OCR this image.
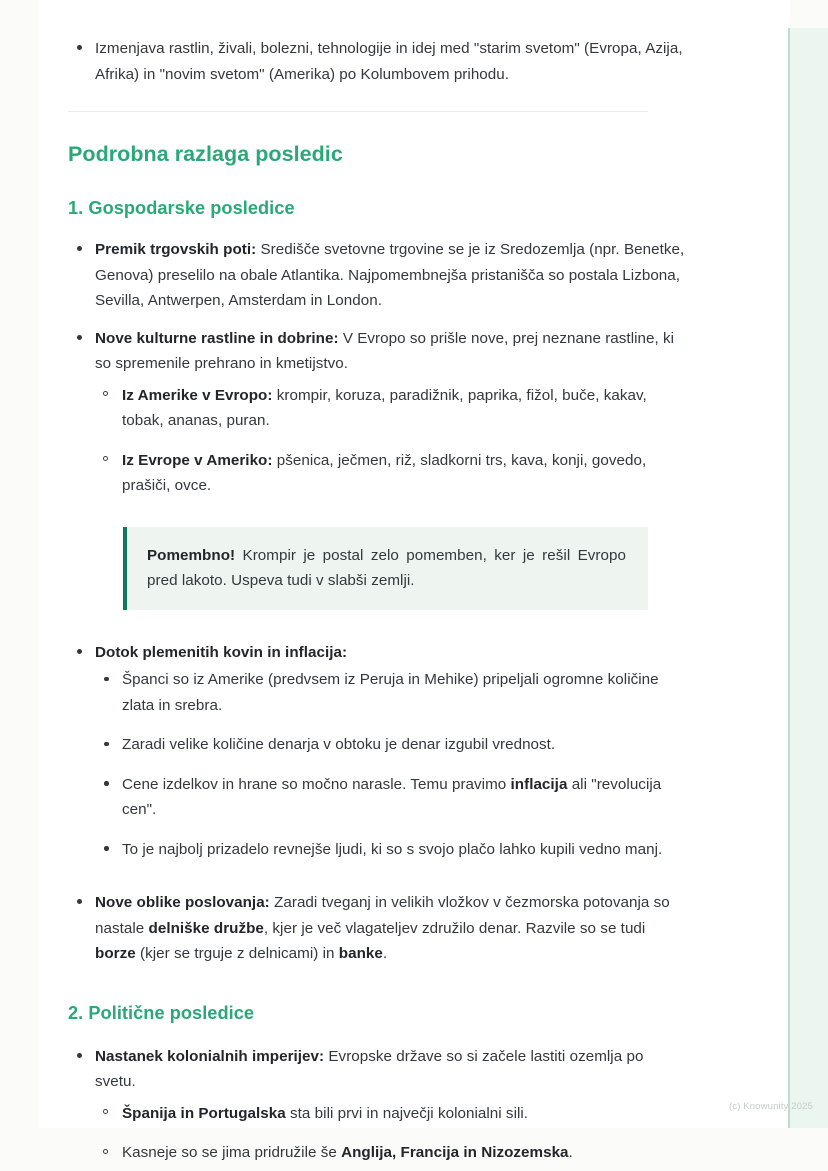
Izmenjava rastlin, živali, bolezni, tehnologije in idej med "starim svetom" (Evropa, Azija, Afrika) in "novim svetom" (Amerika) po Kolumbovem prihodu.
Podrobna razlaga posledic
1. Gospodarske posledice
Premik trgovskih poti: Središče svetovne trgovine se je iz Sredozemlja (npr. Benetke, Genova) preselilo na obale Atlantika. Najpomembnejša pristanišča so postala Lizbona, Sevilla, Antwerpen, Amsterdam in London.
Nove kulturne rastline in dobrine: V Evropo so prišle nove, prej neznane rastline, ki so spremenile prehrano in kmetijstvo.
Iz Amerike v Evropo: krompir, koruza, paradižnik, paprika, fižol, buče, kakav, tobak, ananas, puran.
Iz Evrope v Ameriko: pšenica, ječmen, riž, sladkorni trs, kava, konji, govedo, prašiči, ovce.
Pomembno! Krompir je postal zelo pomemben, ker je rešil Evropo pred lakoto. Uspeva tudi v slabši zemlji.
Dotok plemenitih kovin in inflacija:
Španci so iz Amerike (predvsem iz Peruja in Mehike) pripeljali ogromne količine zlata in srebra.
Zaradi velike količine denarja v obtoku je denar izgubil vrednost.
Cene izdelkov in hrane so močno narasle. Temu pravimo inflacija ali "revolucija cen".
To je najbolj prizadelo revnejše ljudi, ki so s svojo plačo lahko kupili vedno manj.
Nove oblike poslovanja: Zaradi tveganj in velikih vložkov v čezmorska potovanja so nastale delniške družbe, kjer je več vlagateljev združilo denar. Razvile so se tudi borze (kjer se trguje z delnicami) in banke.
2. Politične posledice
Nastanek kolonialnih imperijev: Evropske države so si začele lastiti ozemlja po svetu.
Španija in Portugalska sta bili prvi in največji kolonialni sili.
Kasneje so se jima pridružile še Anglija, Francija in Nizozemska.
(c) Knowunity 2025
